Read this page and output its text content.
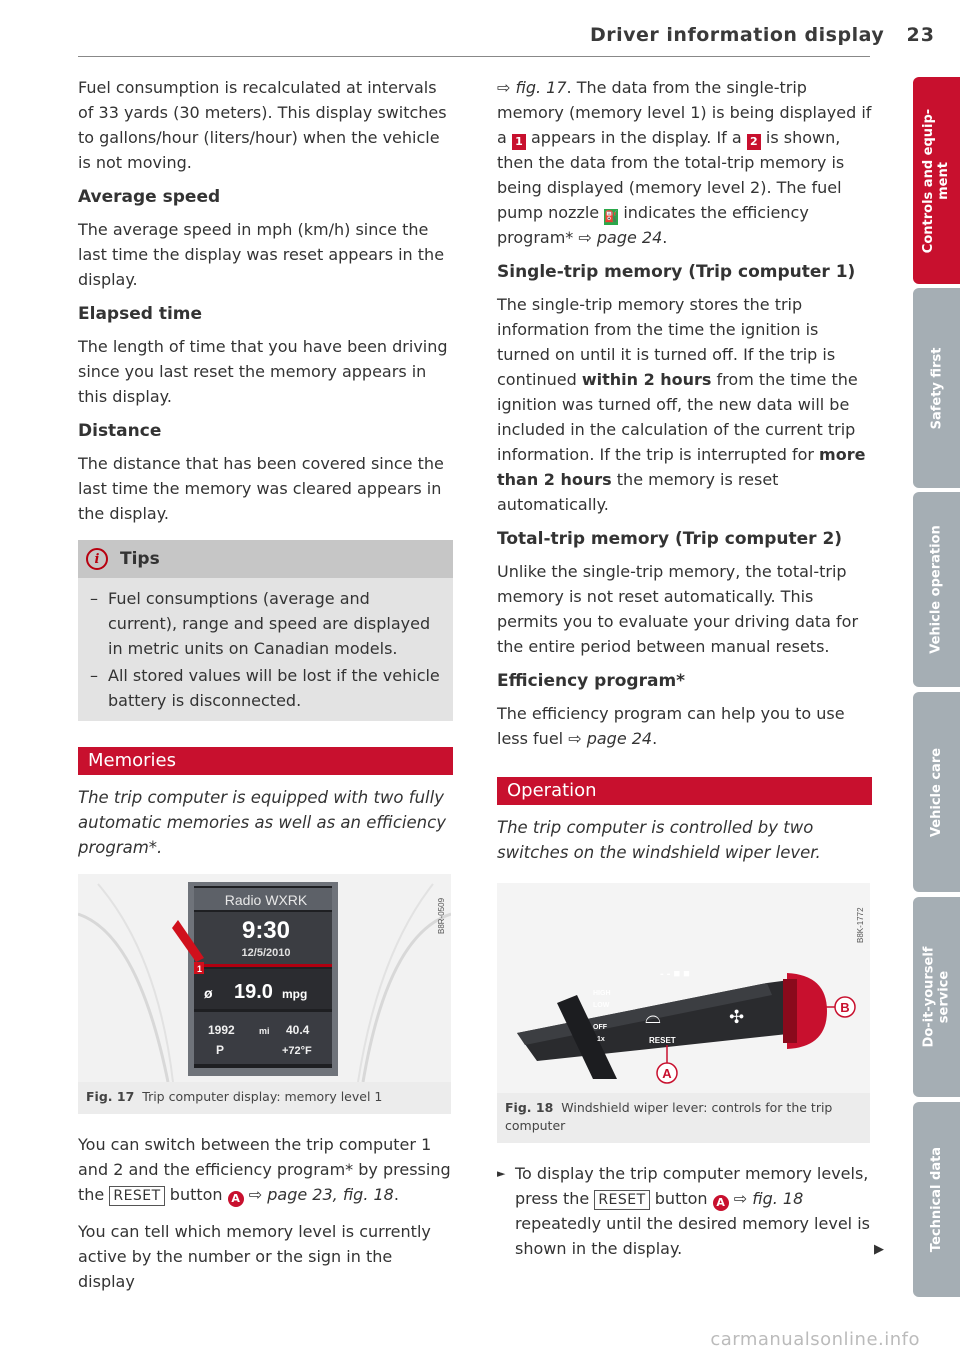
Driver information display 23

Fuel consumption is recalculated at intervals of 33 yards (30 meters). This display switches to gallons/hour (liters/hour) when the vehicle is not moving.

Average speed

The average speed in mph (km/h) since the last time the display was reset appears in the display.

Elapsed time

The length of time that you have been driving since you last reset the memory appears in this display.

Distance

The distance that has been covered since the last time the memory was cleared appears in the display.

i	Tips
– Fuel consumptions (average and current), range and speed are displayed in metric units on Canadian models.
– All stored values will be lost if the vehicle battery is disconnected.
Memories
The trip computer is equipped with two fully automatic memories as well as an efficiency program*.
Radio WXRK
9:30
12/5/2010
1
ø 19.0 mpg
1992	mi 40.4
P	+72°F
B8R-0509
Fig. 17 Trip computer display: memory level 1

You can switch between the trip computer 1 and 2 and the efficiency program* by pressing the RESET button A ⇨ page 23, fig. 18.

You can tell which memory level is currently active by the number or the sign in the display

⇨ fig. 17. The data from the single-trip memory (memory level 1) is being displayed if a 1 appears in the display. If a 2 is shown, then the data from the total-trip memory is being displayed (memory level 2). The fuel pump nozzle ⛽ indicates the efficiency program* ⇨ page 24.

Single-trip memory (Trip computer 1)

The single-trip memory stores the trip information from the time the ignition is turned on until it is turned off. If the trip is continued within 2 hours from the time the ignition was turned off, the new data will be included in the calculation of the current trip information. If the trip is interrupted for more than 2 hours the memory is reset automatically.

Total-trip memory (Trip computer 2)

Unlike the single-trip memory, the total-trip memory is not reset automatically. This permits you to evaluate your driving data for the entire period between manual resets.

Efficiency program*

The efficiency program can help you to use less fuel ⇨ page 24.

Operation
The trip computer is controlled by two switches on the windshield wiper lever.
- - ■ ■
HIGH
LOW
OFF
1x
⌓	✣
RESET
A
B
B8K-1772
Fig. 18 Windshield wiper lever: controls for the trip computer

► To display the trip computer memory levels, press the RESET button A ⇨ fig. 18 repeatedly until the desired memory level is shown in the display.	▶
Controls and equip-
ment
Safety first
Vehicle operation
Vehicle care
Do-it-yourself
service
Technical data
carmanualsonline.info
